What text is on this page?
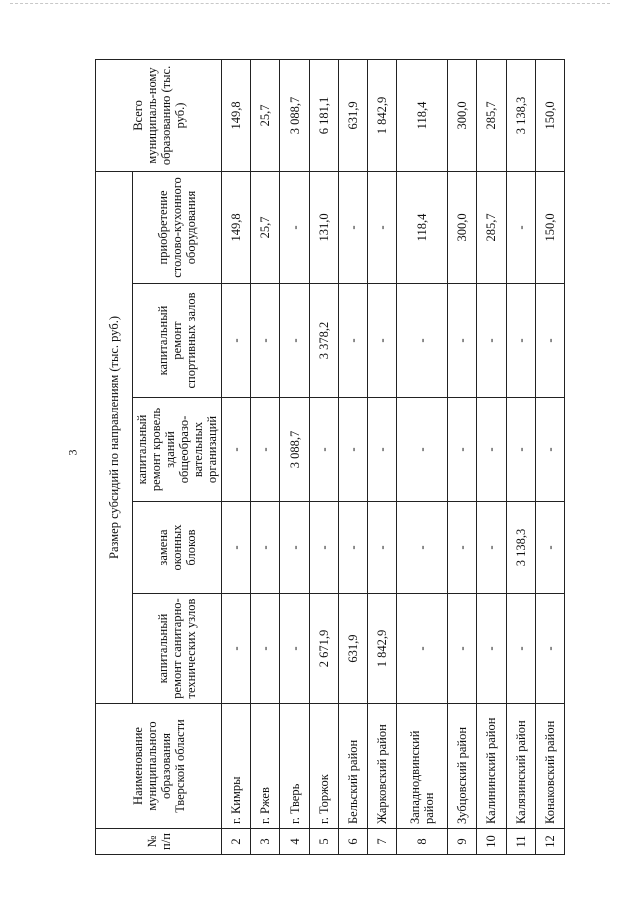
3
№ п/п	Наименование муниципального образования Тверской области	Размер субсидий по направлениям (тыс. руб.)					Всего муниципаль-ному образованию (тыс. руб.)
		капитальный ремонт санитарно-технических узлов	замена оконных блоков	капитальный ремонт кровель зданий общеобразо-вательных организаций	капитальный ремонт спортивных залов	приобретение столово-кухонного оборудования	
2	г. Кимры	-	-	-	-	149,8	149,8
3	г. Ржев	-	-	-	-	25,7	25,7
4	г. Тверь	-	-	3 088,7	-	-	3 088,7
5	г. Торжок	2 671,9	-	-	3 378,2	131,0	6 181,1
6	Бельский район	631,9	-	-	-	-	631,9
7	Жарковский район	1 842,9	-	-	-	-	1 842,9
8	Западнодвинский район	-	-	-	-	118,4	118,4
9	Зубцовский район	-	-	-	-	300,0	300,0
10	Калининский район	-	-	-	-	285,7	285,7
11	Калязинский район	-	3 138,3	-	-	-	3 138,3
12	Конаковский район	-	-	-	-	150,0	150,0
